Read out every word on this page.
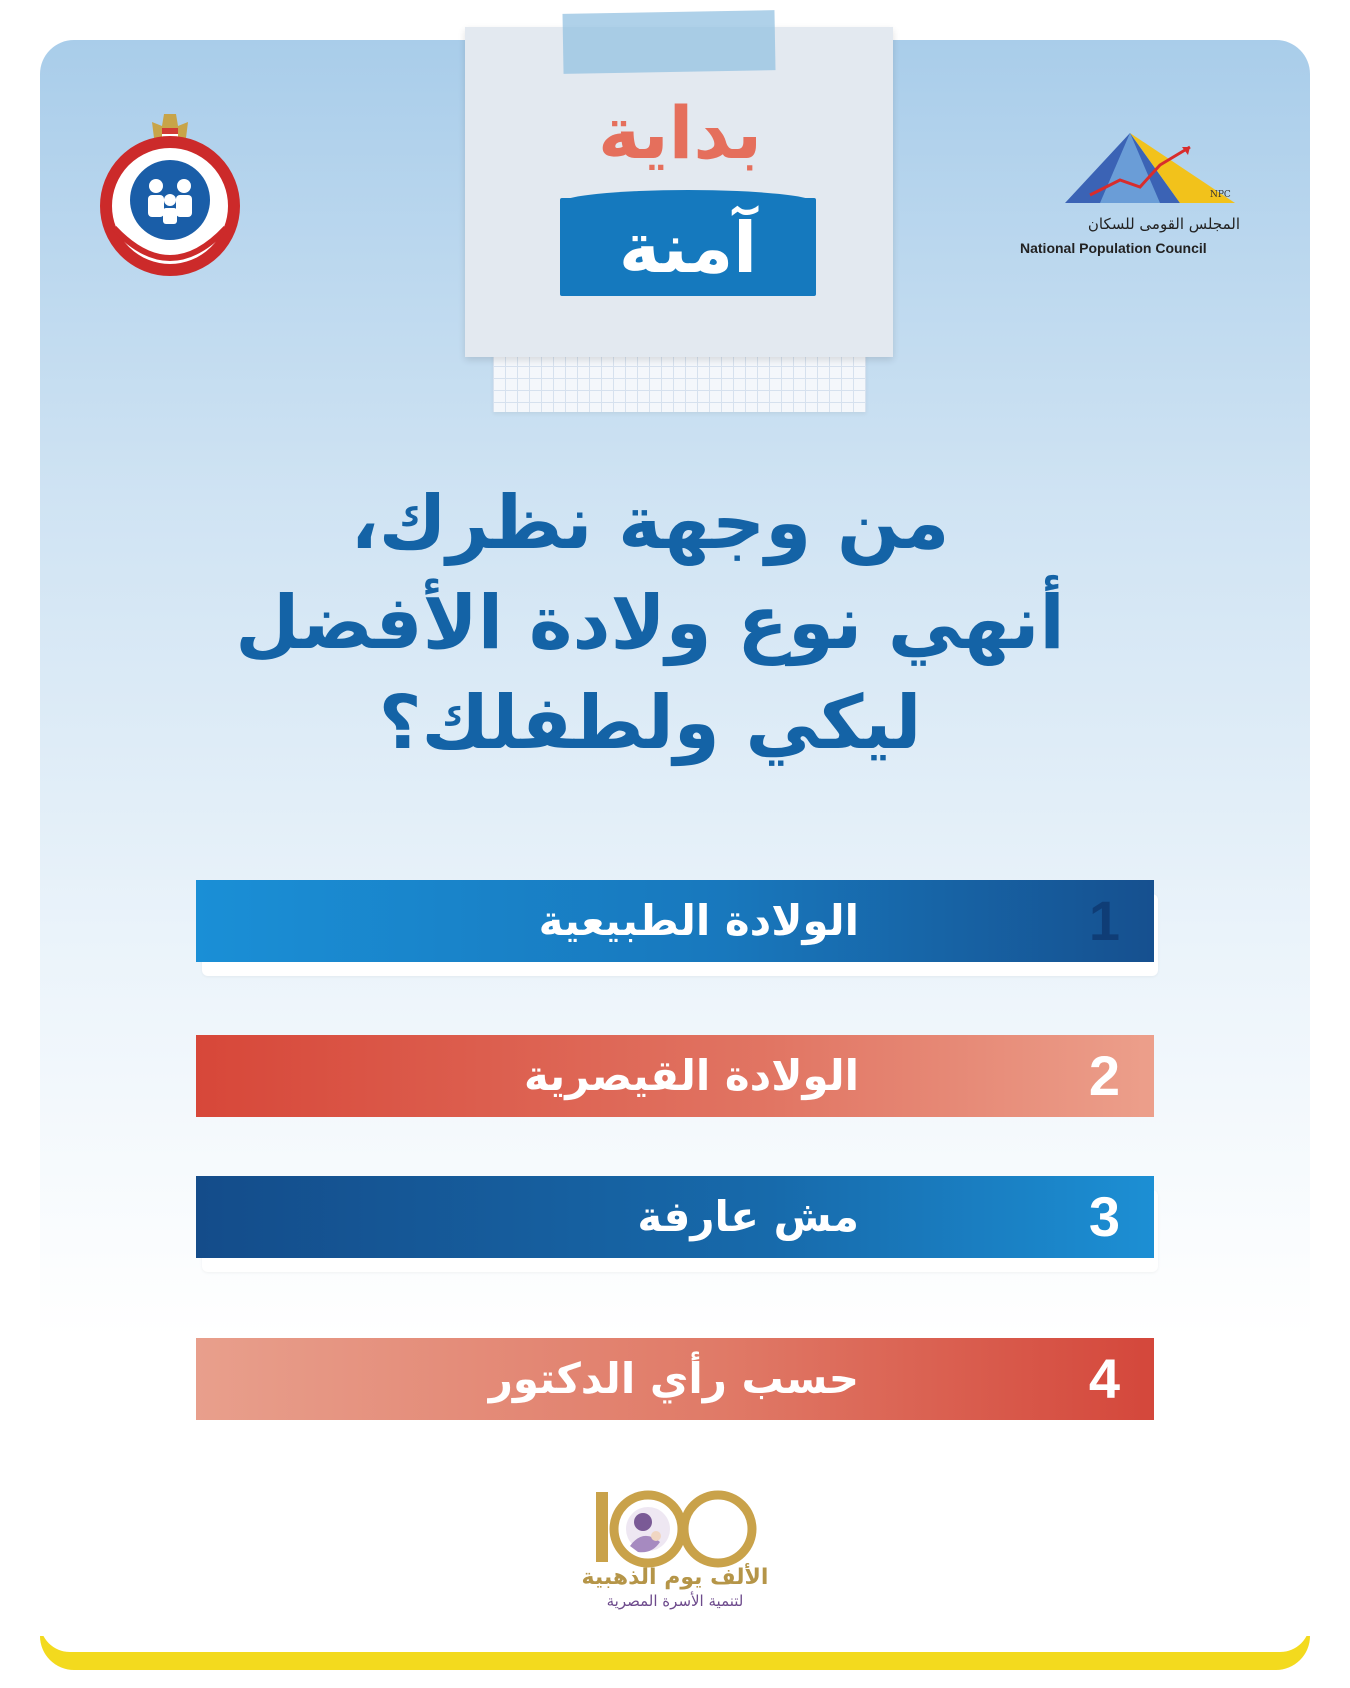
بداية
آمنة
NPC
المجلس القومى للسكان
National Population Council
من وجهة نظرك،
أنهي نوع ولادة الأفضل
ليكي ولطفلك؟
الولادة الطبيعية	1
الولادة القيصرية	2
مش عارفة	3
حسب رأي الدكتور	4
1000
الألف يوم الذهبية
لتنمية الأسرة المصرية
